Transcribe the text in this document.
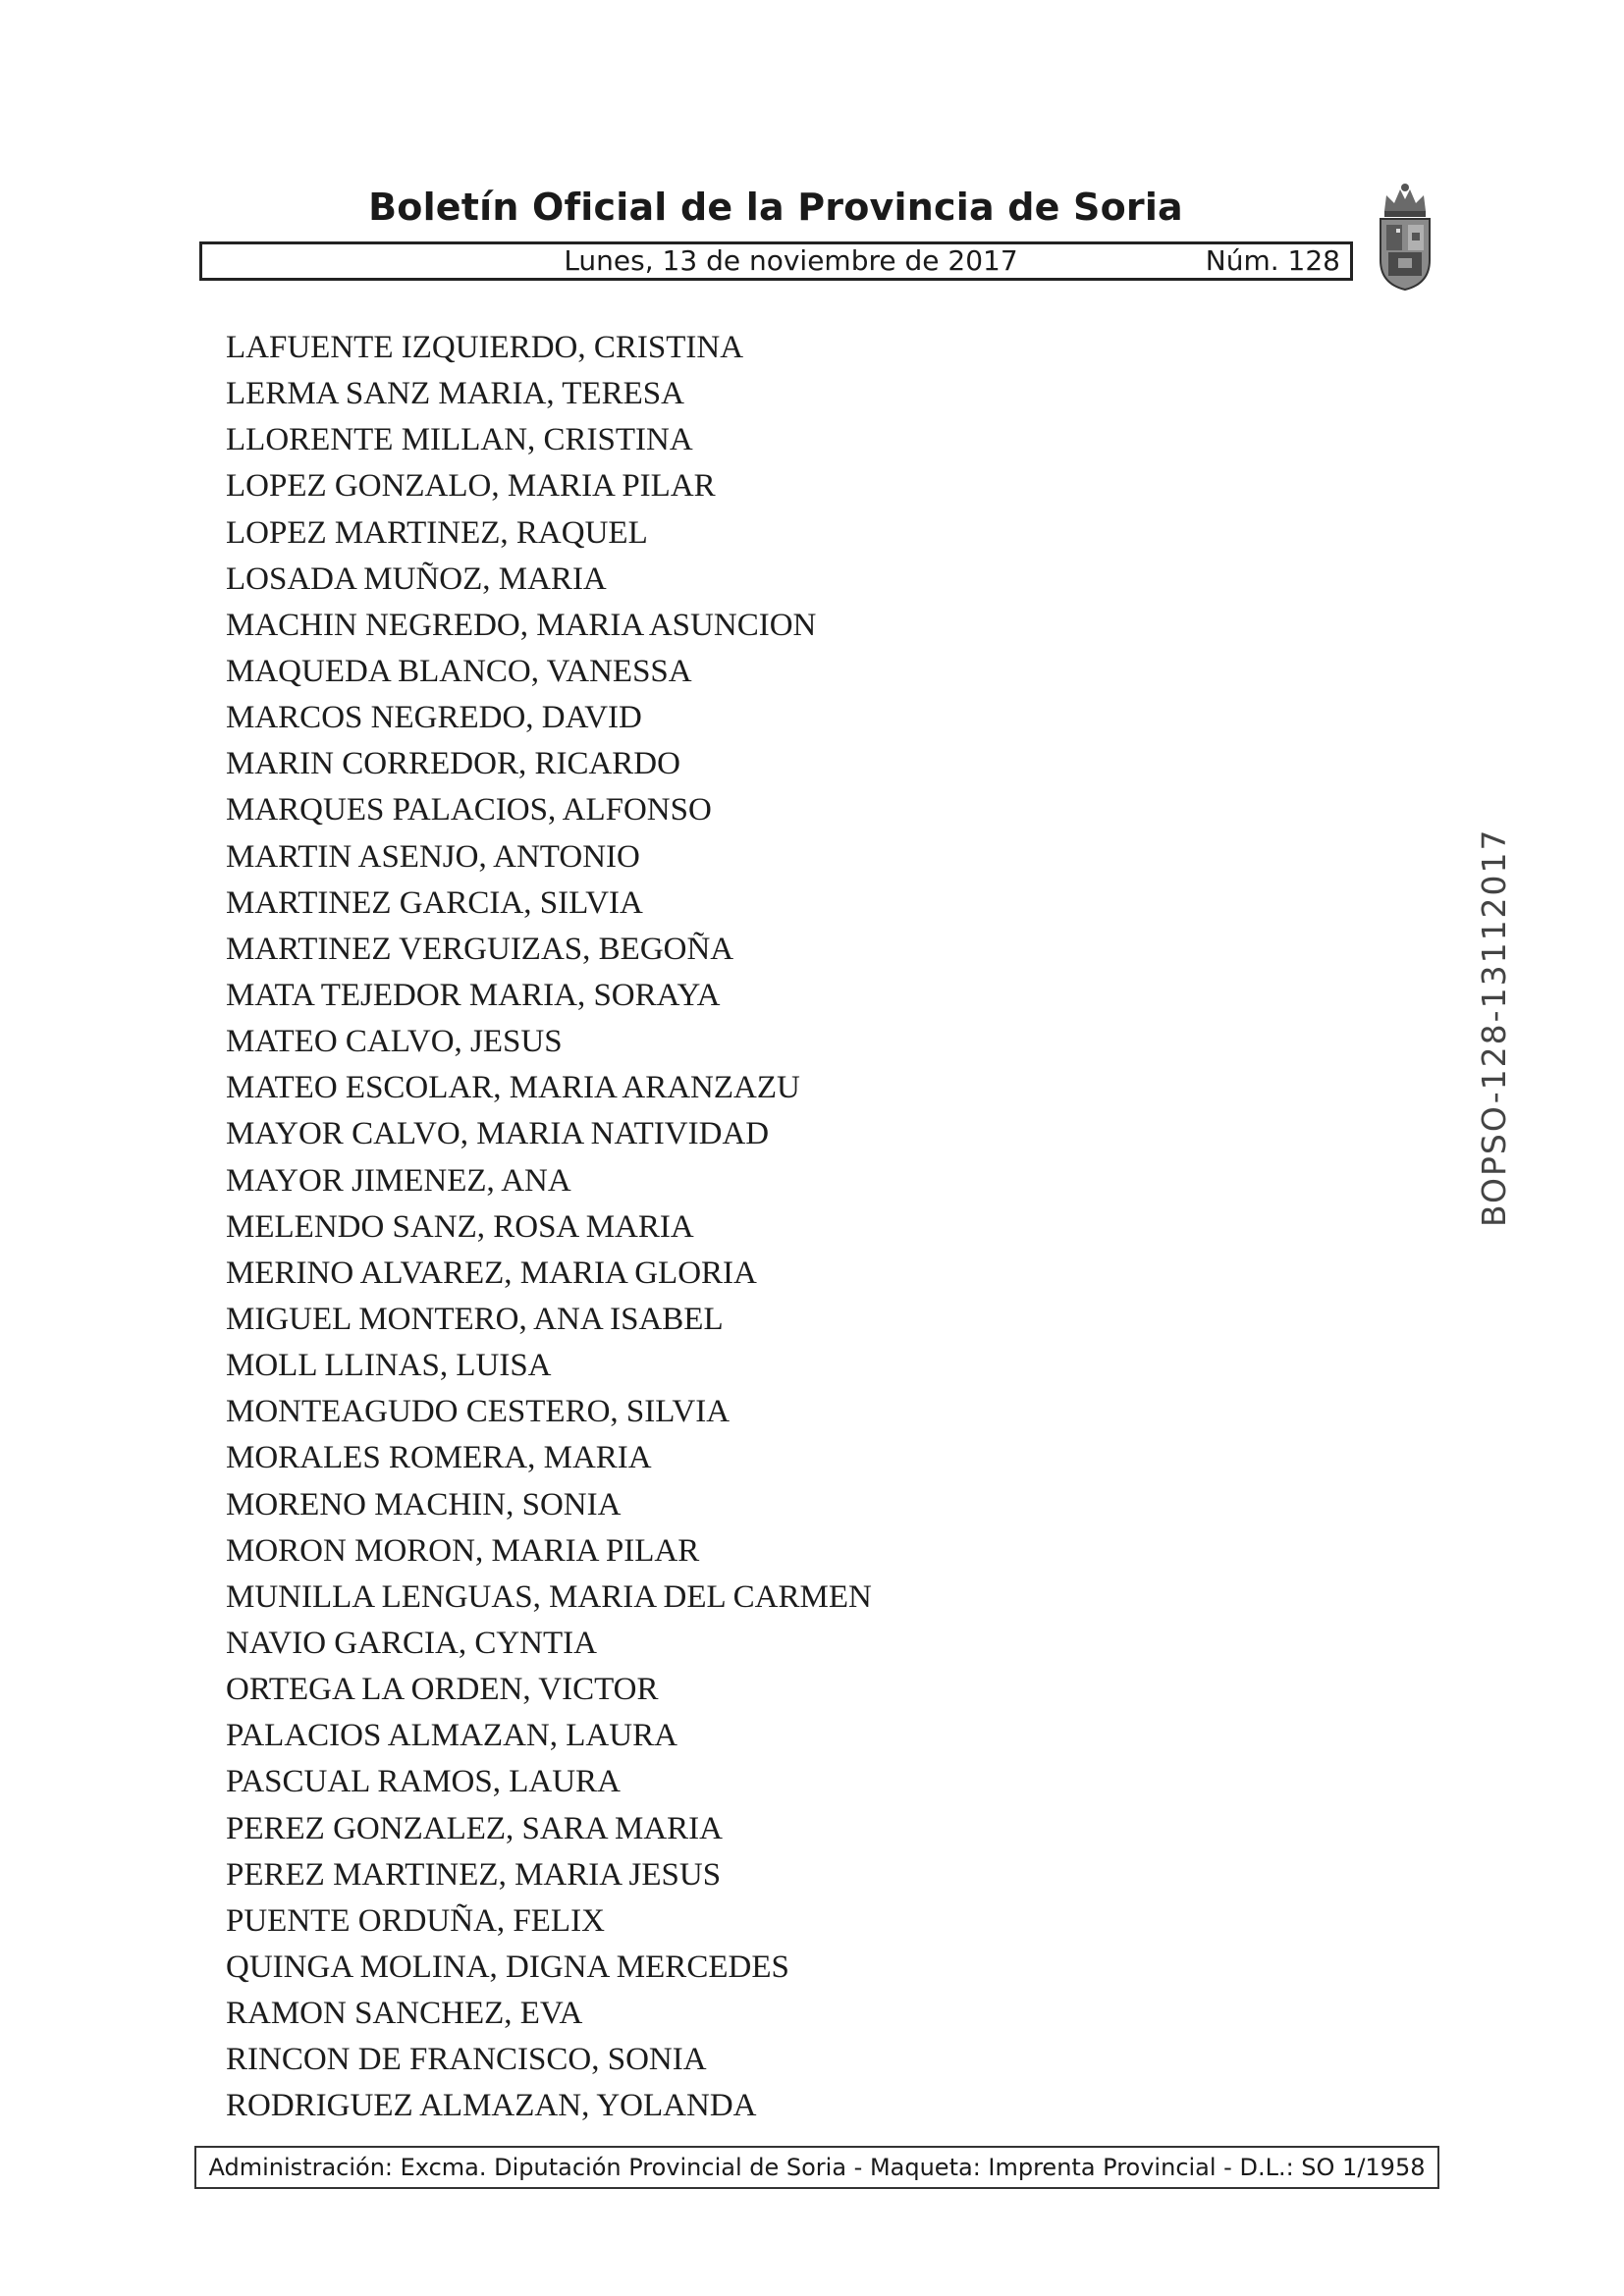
Boletín Oficial de la Provincia de Soria
Lunes, 13 de noviembre de 2017	Núm. 128
LAFUENTE IZQUIERDO, CRISTINA
LERMA SANZ MARIA, TERESA
LLORENTE MILLAN, CRISTINA
LOPEZ GONZALO, MARIA PILAR
LOPEZ MARTINEZ, RAQUEL
LOSADA MUÑOZ, MARIA
MACHIN NEGREDO, MARIA ASUNCION
MAQUEDA BLANCO, VANESSA
MARCOS NEGREDO, DAVID
MARIN CORREDOR, RICARDO
MARQUES PALACIOS, ALFONSO
MARTIN ASENJO, ANTONIO
MARTINEZ GARCIA, SILVIA
MARTINEZ VERGUIZAS, BEGOÑA
MATA TEJEDOR MARIA, SORAYA
MATEO CALVO, JESUS
MATEO ESCOLAR, MARIA ARANZAZU
MAYOR CALVO, MARIA NATIVIDAD
MAYOR JIMENEZ, ANA
MELENDO SANZ, ROSA MARIA
MERINO ALVAREZ, MARIA GLORIA
MIGUEL MONTERO, ANA ISABEL
MOLL LLINAS, LUISA
MONTEAGUDO CESTERO, SILVIA
MORALES ROMERA, MARIA
MORENO MACHIN, SONIA
MORON MORON, MARIA PILAR
MUNILLA LENGUAS, MARIA DEL CARMEN
NAVIO GARCIA, CYNTIA
ORTEGA LA ORDEN, VICTOR
PALACIOS ALMAZAN, LAURA
PASCUAL RAMOS, LAURA
PEREZ GONZALEZ, SARA MARIA
PEREZ MARTINEZ, MARIA JESUS
PUENTE ORDUÑA, FELIX
QUINGA MOLINA, DIGNA MERCEDES
RAMON SANCHEZ, EVA
RINCON DE FRANCISCO, SONIA
RODRIGUEZ ALMAZAN, YOLANDA
BOPSO-128-13112017
Administración: Excma. Diputación Provincial de Soria - Maqueta: Imprenta Provincial - D.L.: SO 1/1958
